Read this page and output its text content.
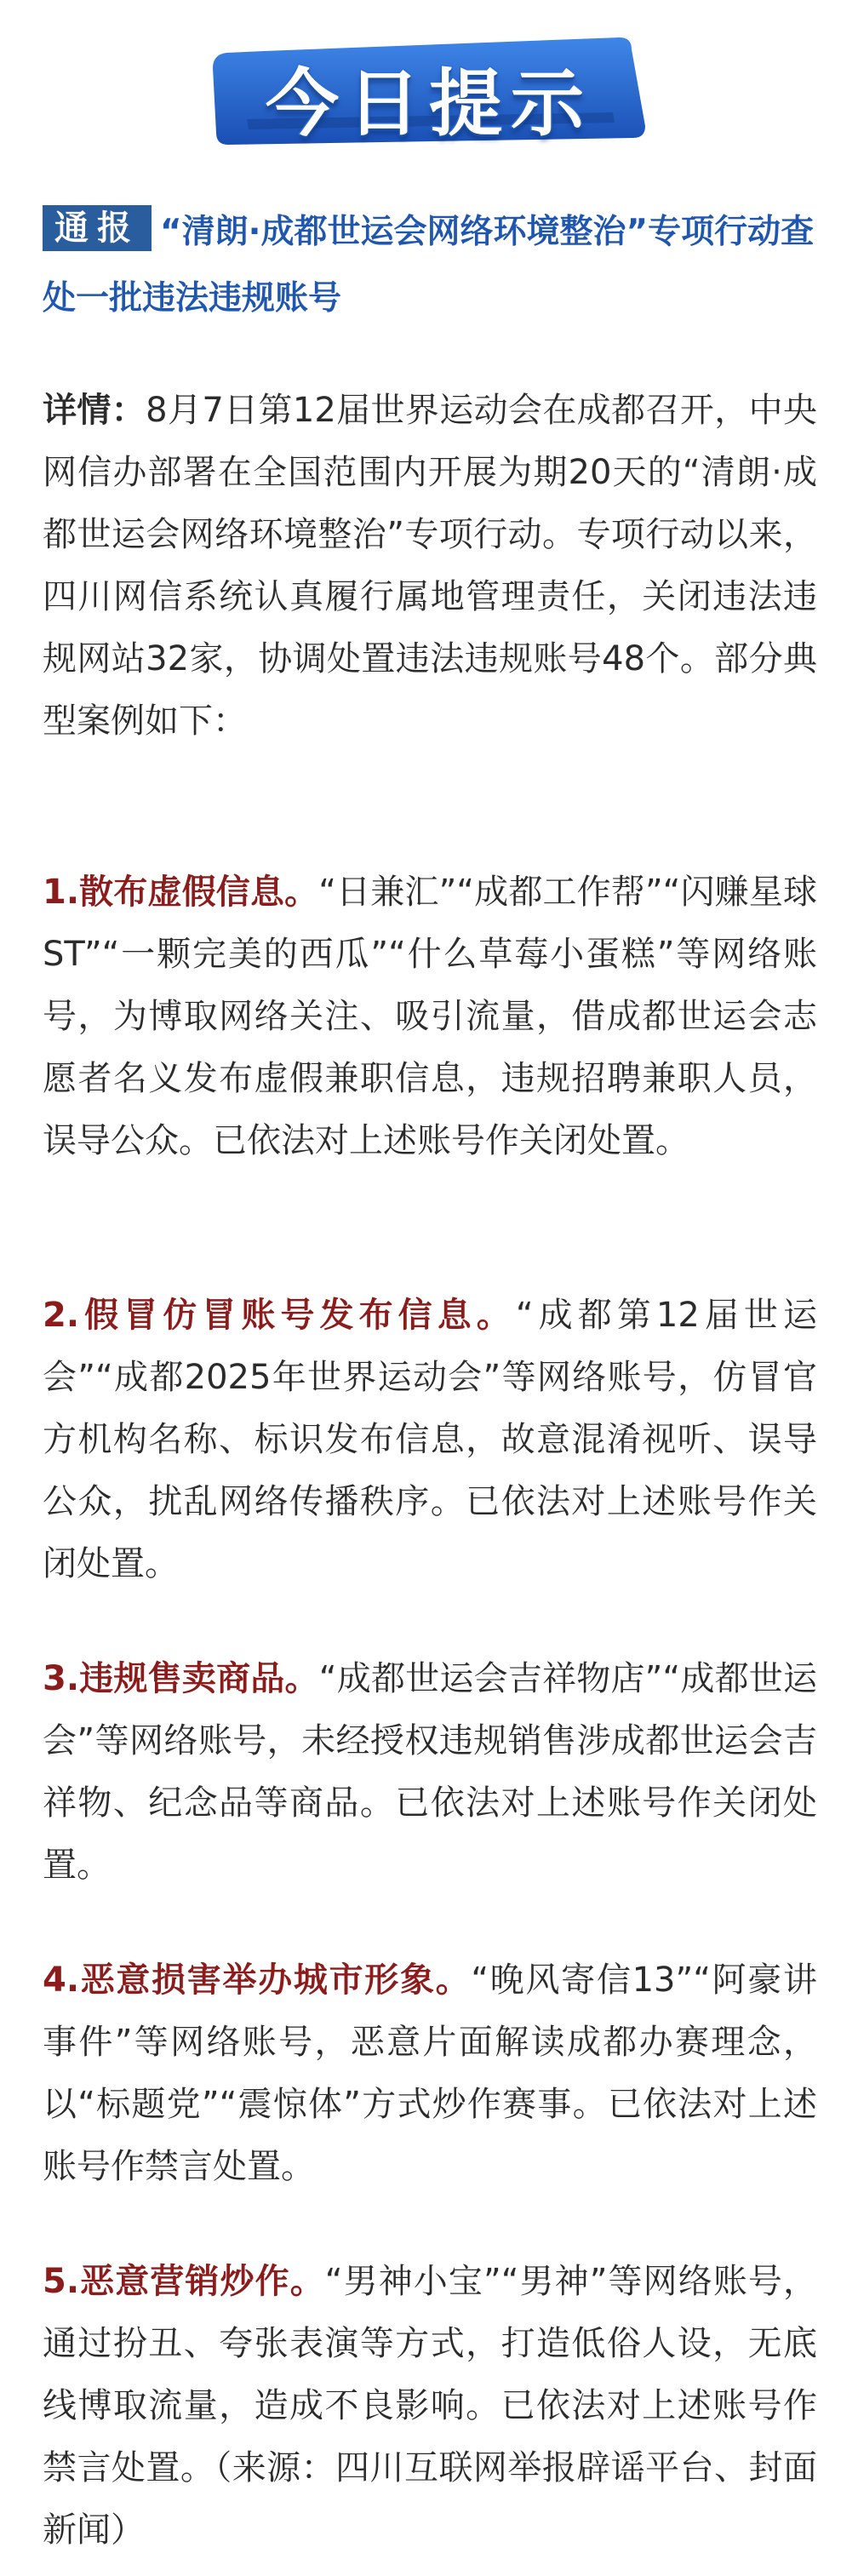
今日提示
通报 “清朗·成都世运会网络环境整治”专项行动查处一批违法违规账号
详情：8月7日第12届世界运动会在成都召开，中央网信办部署在全国范围内开展为期20天的“清朗·成都世运会网络环境整治”专项行动。专项行动以来，四川网信系统认真履行属地管理责任，关闭违法违规网站32家，协调处置违法违规账号48个。部分典型案例如下：
1.散布虚假信息。“日兼汇”“成都工作帮”“闪赚星球ST”“一颗完美的西瓜”“什么草莓小蛋糕”等网络账号，为博取网络关注、吸引流量，借成都世运会志愿者名义发布虚假兼职信息，违规招聘兼职人员，误导公众。已依法对上述账号作关闭处置。
2.假冒仿冒账号发布信息。“成都第12届世运会”“成都2025年世界运动会”等网络账号，仿冒官方机构名称、标识发布信息，故意混淆视听、误导公众，扰乱网络传播秩序。已依法对上述账号作关闭处置。
3.违规售卖商品。“成都世运会吉祥物店”“成都世运会”等网络账号，未经授权违规销售涉成都世运会吉祥物、纪念品等商品。已依法对上述账号作关闭处置。
4.恶意损害举办城市形象。“晚风寄信13”“阿豪讲事件”等网络账号，恶意片面解读成都办赛理念，以“标题党”“震惊体”方式炒作赛事。已依法对上述账号作禁言处置。
5.恶意营销炒作。“男神小宝”“男神”等网络账号，通过扮丑、夸张表演等方式，打造低俗人设，无底线博取流量，造成不良影响。已依法对上述账号作禁言处置。（来源：四川互联网举报辟谣平台、封面新闻）
